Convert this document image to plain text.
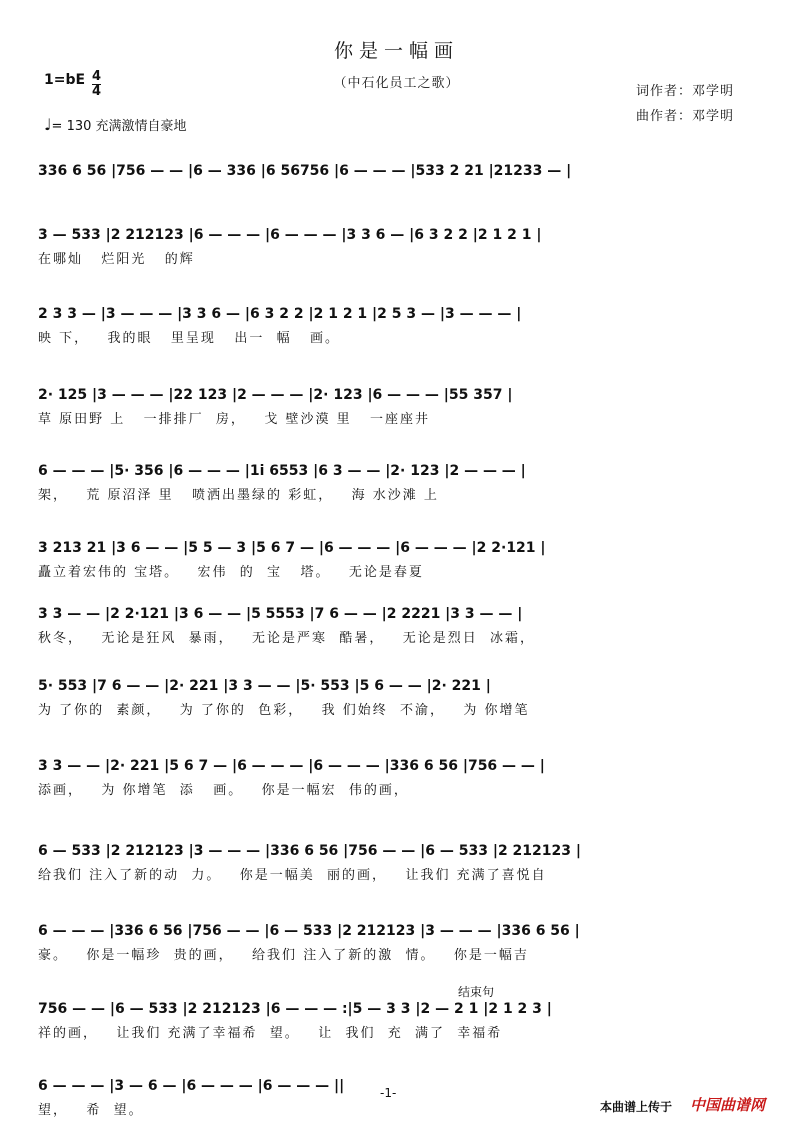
你是一幅画
（中石化员工之歌）
词作者：邓学明
曲作者：邓学明
1=bE 4
4
♩= 130 充满激情自豪地
336 6 56 |756 — — |6 — 336 |6 56756 |6 — — — |533 2 21 |21233 — |
3 — 533 |2 212123 |6 — — — |6 — — — |3 3 6 — |6 3 2 2 |2 1 2 1 |
在哪灿   烂阳光   的辉
2 3 3 — |3 — — — |3 3 6 — |6 3 2 2 |2 1 2 1 |2 5 3 — |3 — — — |
映 下，   我的眼   里呈现   出一  幅   画。
2· 125 |3 — — — |22 123 |2 — — — |2· 123 |6 — — — |55 357 |
草 原田野 上   一排排厂  房，   戈 壁沙漠 里   一座座井
6 — — — |5· 356 |6 — — — |1i 6553 |6 3 — — |2· 123 |2 — — — |
架，   荒 原沼泽 里   喷洒出墨绿的 彩虹，   海 水沙滩 上
3 213 21 |3 6 — — |5 5 — 3 |5 6 7 — |6 — — — |6 — — — |2 2·121 |
矗立着宏伟的 宝塔。   宏伟  的  宝   塔。   无论是春夏
3 3 — — |2 2·121 |3 6 — — |5 5553 |7 6 — — |2 2221 |3 3 — — |
秋冬，   无论是狂风  暴雨，   无论是严寒  酷暑，   无论是烈日  冰霜，
5· 553 |7 6 — — |2· 221 |3 3 — — |5· 553 |5 6 — — |2· 221 |
为 了你的  素颜，   为 了你的  色彩，   我 们始终  不渝，   为 你增笔
3 3 — — |2· 221 |5 6 7 — |6 — — — |6 — — — |336 6 56 |756 — — |
添画，   为 你增笔  添   画。   你是一幅宏  伟的画，
6 — 533 |2 212123 |3 — — — |336 6 56 |756 — — |6 — 533 |2 212123 |
给我们 注入了新的动  力。   你是一幅美  丽的画，   让我们 充满了喜悦自
6 — — — |336 6 56 |756 — — |6 — 533 |2 212123 |3 — — — |336 6 56 |
豪。   你是一幅珍  贵的画，   给我们 注入了新的激  情。   你是一幅吉
756 — — |6 — 533 |2 212123 |6 — — — :|5 — 3 3 |2 — 2 1 |2 1 2 3 |
祥的画，   让我们 充满了幸福希  望。   让  我们  充  满了  幸福希
6 — — — |3 — 6 — |6 — — — |6 — — — ||
望，   希  望。
结束句
-1-
本曲谱上传于 中国曲谱网
